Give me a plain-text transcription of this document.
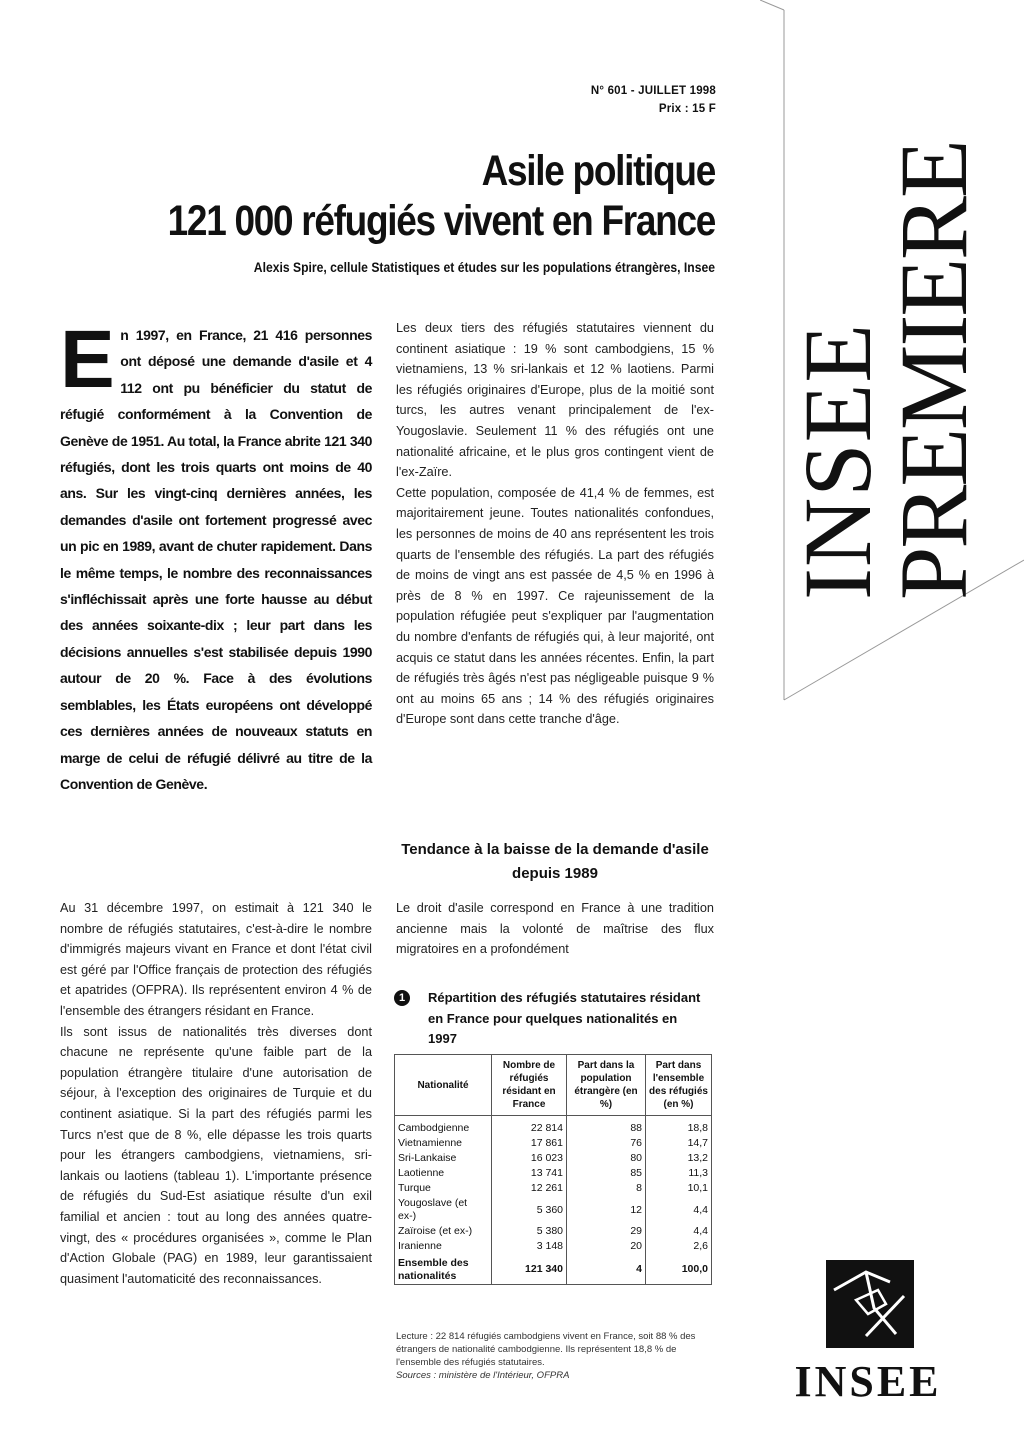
N° 601 - JUILLET 1998
Prix : 15 F
Asile politique
121 000 réfugiés vivent en France
Alexis Spire, cellule Statistiques et études sur les populations étrangères, Insee
INSEE
PREMIERE
E n 1997, en France, 21 416 personnes ont déposé une demande d'asile et 4 112 ont pu bénéficier du statut de réfugié conformément à la Convention de Genève de 1951. Au total, la France abrite 121 340 réfugiés, dont les trois quarts ont moins de 40 ans. Sur les vingt-cinq dernières années, les demandes d'asile ont fortement progressé avec un pic en 1989, avant de chuter rapidement. Dans le même temps, le nombre des reconnaissances s'infléchissait après une forte hausse au début des années soixante-dix ; leur part dans les décisions annuelles s'est stabilisée depuis 1990 autour de 20 %. Face à des évolutions semblables, les États européens ont développé ces dernières années de nouveaux statuts en marge de celui de réfugié délivré au titre de la Convention de Genève.

Au 31 décembre 1997, on estimait à 121 340 le nombre de réfugiés statutaires, c'est-à-dire le nombre d'immigrés majeurs vivant en France et dont l'état civil est géré par l'Office français de protection des réfugiés et apatrides (OFPRA). Ils représentent environ 4 % de l'ensemble des étrangers résidant en France.

Ils sont issus de nationalités très diverses dont chacune ne représente qu'une faible part de la population étrangère titulaire d'une autorisation de séjour, à l'exception des originaires de Turquie et du continent asiatique. Si la part des réfugiés parmi les Turcs n'est que de 8 %, elle dépasse les trois quarts pour les étrangers cambodgiens, vietnamiens, sri-lankais ou laotiens (tableau 1). L'importante présence de réfugiés du Sud-Est asiatique résulte d'un exil familial et ancien : tout au long des années quatre-vingt, des « procédures organisées », comme le Plan d'Action Globale (PAG) en 1989, leur garantissaient quasiment l'automaticité des reconnaissances.

Les deux tiers des réfugiés statutaires viennent du continent asiatique : 19 % sont cambodgiens, 15 % vietnamiens, 13 % sri-lankais et 12 % laotiens. Parmi les réfugiés originaires d'Europe, plus de la moitié sont turcs, les autres venant principalement de l'ex-Yougoslavie. Seulement 11 % des réfugiés ont une nationalité africaine, et le plus gros contingent vient de l'ex-Zaïre.

Cette population, composée de 41,4 % de femmes, est majoritairement jeune. Toutes nationalités confondues, les personnes de moins de 40 ans représentent les trois quarts de l'ensemble des réfugiés. La part des réfugiés de moins de vingt ans est passée de 4,5 % en 1996 à près de 8 % en 1997. Ce rajeunissement de la population réfugiée peut s'expliquer par l'augmentation du nombre d'enfants de réfugiés qui, à leur majorité, ont acquis ce statut dans les années récentes. Enfin, la part de réfugiés très âgés n'est pas négligeable puisque 9 % ont au moins 65 ans ; 14 % des réfugiés originaires d'Europe sont dans cette tranche d'âge.

Tendance à la baisse de la demande d'asile depuis 1989

Le droit d'asile correspond en France à une tradition ancienne mais la volonté de maîtrise des flux migratoires en a profondément

1	Répartition des réfugiés statutaires résidant en France pour quelques nationalités en 1997
Nationalité	Nombre de réfugiés résidant en France	Part dans la population étrangère (en %)	Part dans l'ensemble des réfugiés (en %)
Cambodgienne	22 814	88	18,8
Vietnamienne	17 861	76	14,7
Sri-Lankaise	16 023	80	13,2
Laotienne	13 741	85	11,3
Turque	12 261	8	10,1
Yougoslave (et ex-)	5 360	12	4,4
Zaïroise (et ex-)	5 380	29	4,4
Iranienne	3 148	20	2,6
Ensemble des nationalités	121 340	4	100,0
Lecture : 22 814 réfugiés cambodgiens vivent en France, soit 88 % des étrangers de nationalité cambodgienne. Ils représentent 18,8 % de l'ensemble des réfugiés statutaires.
Sources : ministère de l'Intérieur, OFPRA	INSEE
